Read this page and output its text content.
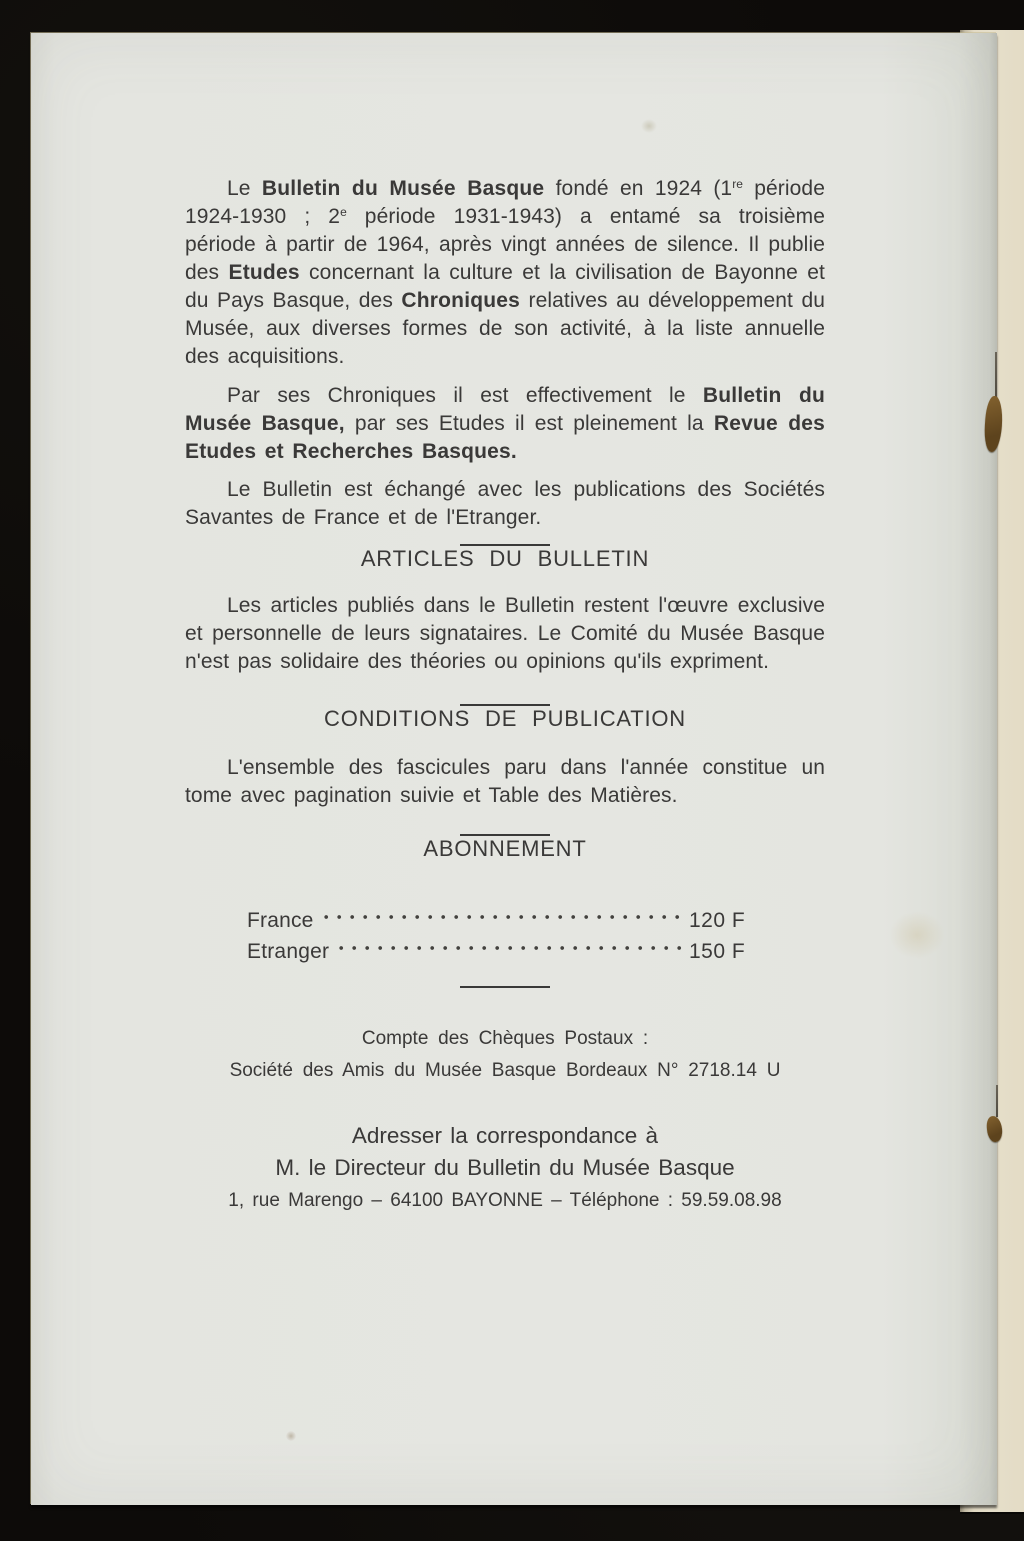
Le Bulletin du Musée Basque fondé en 1924 (1re période 1924-1930 ; 2e période 1931-1943) a entamé sa troisième période à partir de 1964, après vingt années de silence. Il publie des Etudes concernant la culture et la civilisation de Bayonne et du Pays Basque, des Chroniques relatives au développement du Musée, aux diverses formes de son activité, à la liste annuelle des acquisitions.

Par ses Chroniques il est effectivement le Bulletin du Musée Basque, par ses Etudes il est pleinement la Revue des Etudes et Recherches Basques.

Le Bulletin est échangé avec les publications des Sociétés Savantes de France et de l'Etranger.

ARTICLES DU BULLETIN

Les articles publiés dans le Bulletin restent l'œuvre exclusive et personnelle de leurs signataires. Le Comité du Musée Basque n'est pas solidaire des théories ou opinions qu'ils expriment.

CONDITIONS DE PUBLICATION

L'ensemble des fascicules paru dans l'année constitue un tome avec pagination suivie et Table des Matières.

ABONNEMENT
France	120 F
Etranger	150 F

Compte des Chèques Postaux :

Société des Amis du Musée Basque Bordeaux N° 2718.14 U

Adresser la correspondance à
M. le Directeur du Bulletin du Musée Basque

1, rue Marengo – 64100 BAYONNE – Téléphone : 59.59.08.98
